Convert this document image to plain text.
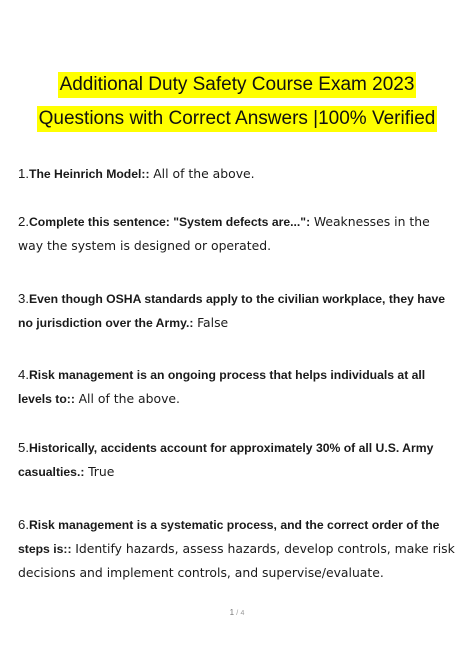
Additional Duty Safety Course Exam 2023
Questions with Correct Answers |100% Verified
1.The Heinrich Model:: All of the above.
2.Complete this sentence: "System defects are...": Weaknesses in the way the system is designed or operated.
3.Even though OSHA standards apply to the civilian workplace, they have no jurisdiction over the Army.: False
4.Risk management is an ongoing process that helps individuals at all levels to:: All of the above.
5.Historically, accidents account for approximately 30% of all U.S. Army casualties.: True
6.Risk management is a systematic process, and the correct order of the steps is:: Identify hazards, assess hazards, develop controls, make risk decisions and implement controls, and supervise/evaluate.
1 / 4
